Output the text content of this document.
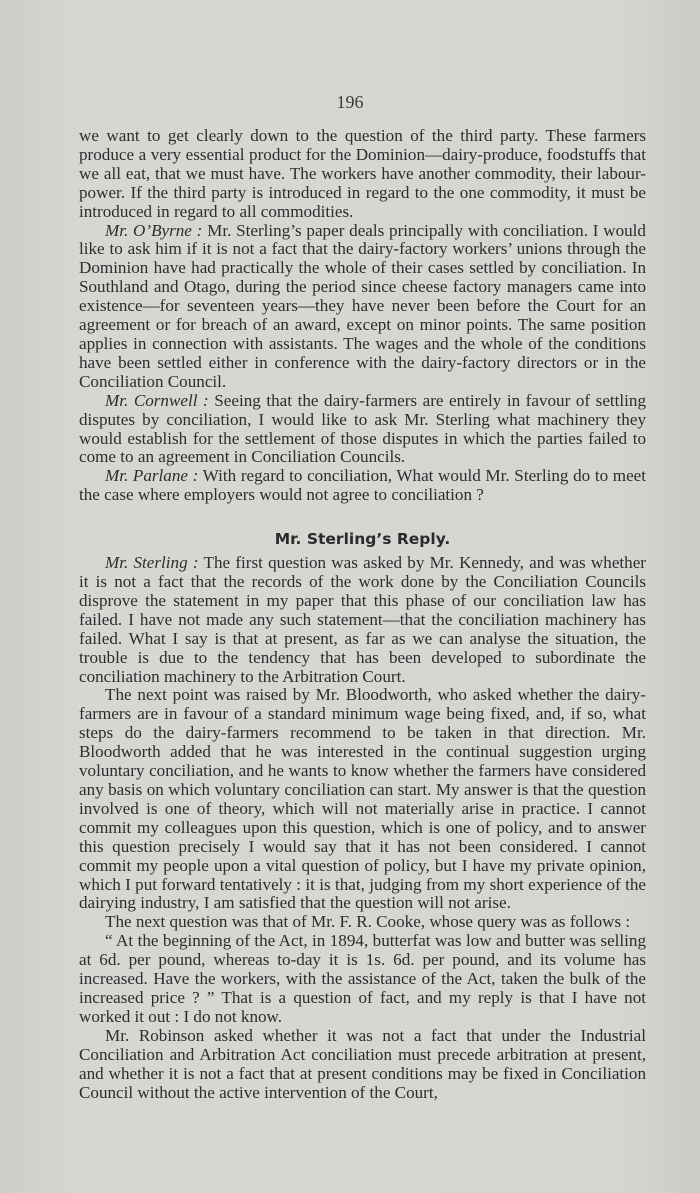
196

we want to get clearly down to the question of the third party. These farmers produce a very essential product for the Dominion—dairy-produce, foodstuffs that we all eat, that we must have. The workers have another commodity, their labour-power. If the third party is introduced in regard to the one commodity, it must be introduced in regard to all commodities.

Mr. O’Byrne : Mr. Sterling’s paper deals principally with conciliation. I would like to ask him if it is not a fact that the dairy-factory workers’ unions through the Dominion have had practically the whole of their cases settled by conciliation. In Southland and Otago, during the period since cheese factory managers came into existence—for seventeen years—they have never been before the Court for an agreement or for breach of an award, except on minor points. The same position applies in connection with assistants. The wages and the whole of the conditions have been settled either in conference with the dairy-factory directors or in the Conciliation Council.

Mr. Cornwell : Seeing that the dairy-farmers are entirely in favour of settling disputes by conciliation, I would like to ask Mr. Sterling what machinery they would establish for the settlement of those disputes in which the parties failed to come to an agreement in Conciliation Councils.

Mr. Parlane : With regard to conciliation, What would Mr. Sterling do to meet the case where employers would not agree to conciliation ?

Mr. Sterling’s Reply.

Mr. Sterling : The first question was asked by Mr. Kennedy, and was whether it is not a fact that the records of the work done by the Conciliation Councils disprove the statement in my paper that this phase of our conciliation law has failed. I have not made any such statement—that the conciliation machinery has failed. What I say is that at present, as far as we can analyse the situation, the trouble is due to the tendency that has been developed to subordinate the conciliation machinery to the Arbitration Court.

The next point was raised by Mr. Bloodworth, who asked whether the dairy-farmers are in favour of a standard minimum wage being fixed, and, if so, what steps do the dairy-farmers recommend to be taken in that direction. Mr. Bloodworth added that he was interested in the continual suggestion urging voluntary conciliation, and he wants to know whether the farmers have considered any basis on which voluntary conciliation can start. My answer is that the question involved is one of theory, which will not materially arise in practice. I cannot commit my colleagues upon this question, which is one of policy, and to answer this question precisely I would say that it has not been considered. I cannot commit my people upon a vital question of policy, but I have my private opinion, which I put forward tentatively : it is that, judging from my short experience of the dairying industry, I am satisfied that the question will not arise.

The next question was that of Mr. F. R. Cooke, whose query was as follows :

“ At the beginning of the Act, in 1894, butterfat was low and butter was selling at 6d. per pound, whereas to-day it is 1s. 6d. per pound, and its volume has increased. Have the workers, with the assistance of the Act, taken the bulk of the increased price ? ” That is a question of fact, and my reply is that I have not worked it out : I do not know.

Mr. Robinson asked whether it was not a fact that under the Industrial Conciliation and Arbitration Act conciliation must precede arbitration at present, and whether it is not a fact that at present conditions may be fixed in Conciliation Council without the active intervention of the Court,
